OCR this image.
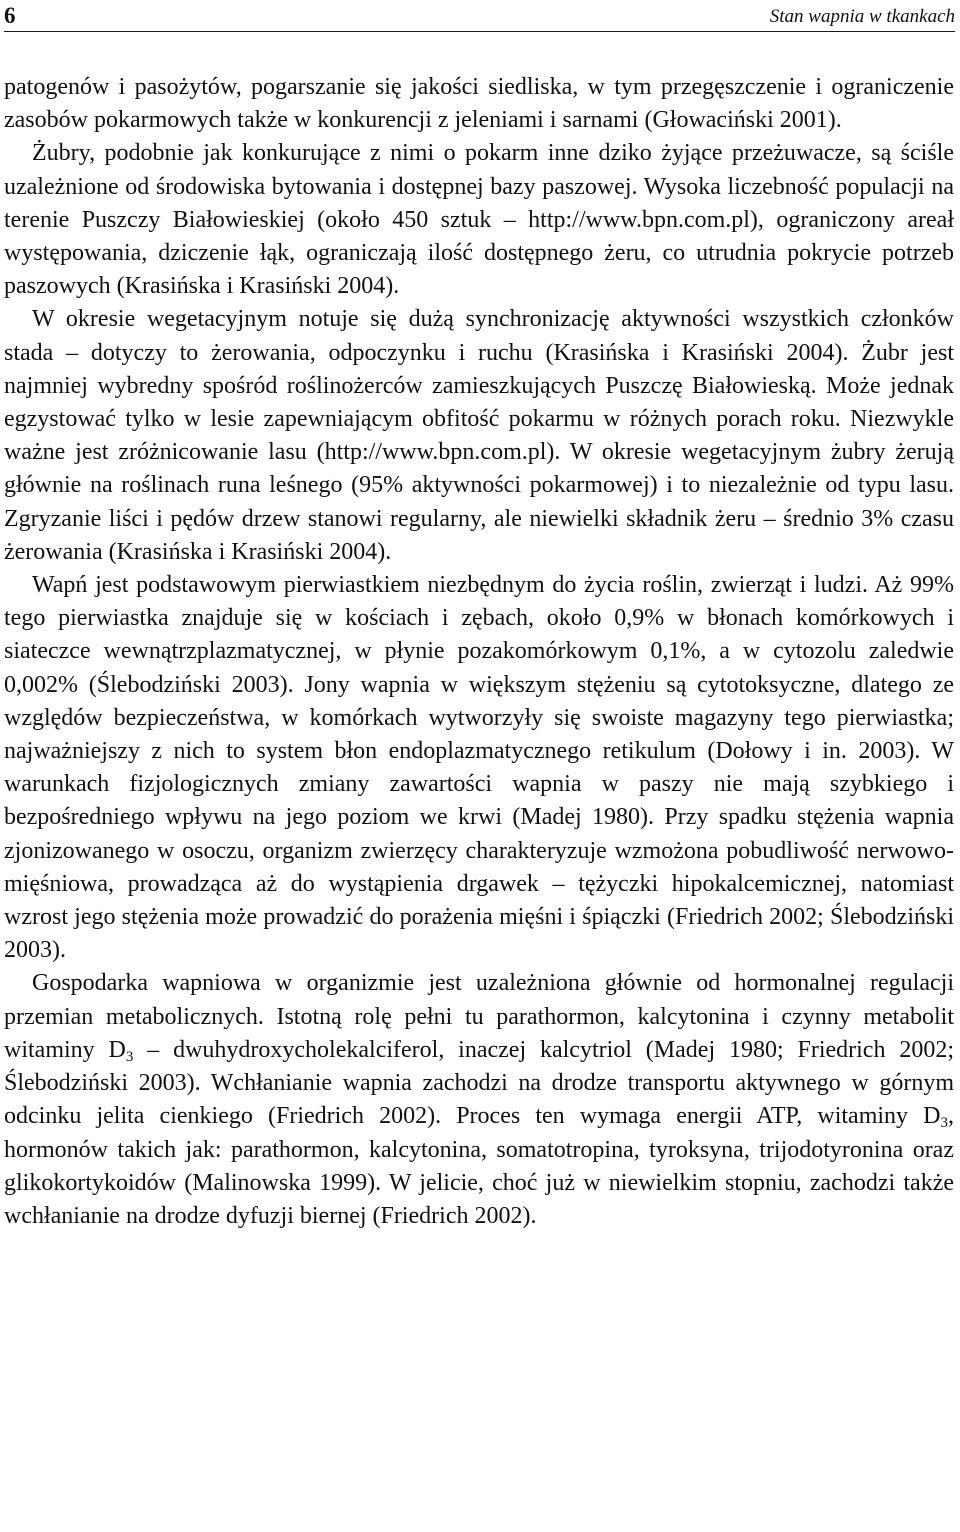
6	Stan wapnia w tkankach

patogenów i pasożytów, pogarszanie się jakości siedliska, w tym przegęszczenie i ograniczenie zasobów pokarmowych także w konkurencji z jeleniami i sarnami (Głowaciński 2001).

Żubry, podobnie jak konkurujące z nimi o pokarm inne dziko żyjące przeżuwacze, są ściśle uzależnione od środowiska bytowania i dostępnej bazy paszowej. Wysoka liczebność populacji na terenie Puszczy Białowieskiej (około 450 sztuk – http://www.bpn.com.pl), ograniczony areał występowania, dziczenie łąk, ograniczają ilość dostępnego żeru, co utrudnia pokrycie potrzeb paszowych (Krasińska i Krasiński 2004).

W okresie wegetacyjnym notuje się dużą synchronizację aktywności wszystkich członków stada – dotyczy to żerowania, odpoczynku i ruchu (Krasińska i Krasiński 2004). Żubr jest najmniej wybredny spośród roślinożerców zamieszkujących Puszczę Białowieską. Może jednak egzystować tylko w lesie zapewniającym obfitość pokarmu w różnych porach roku. Niezwykle ważne jest zróżnicowanie lasu (http://www.bpn.com.pl). W okresie wegetacyjnym żubry żerują głównie na roślinach runa leśnego (95% aktywności pokarmowej) i to niezależnie od typu lasu. Zgryzanie liści i pędów drzew stanowi regularny, ale niewielki składnik żeru – średnio 3% czasu żerowania (Krasińska i Krasiński 2004).

Wapń jest podstawowym pierwiastkiem niezbędnym do życia roślin, zwierząt i ludzi. Aż 99% tego pierwiastka znajduje się w kościach i zębach, około 0,9% w błonach komórkowych i siateczce wewnątrzplazmatycznej, w płynie pozakomórkowym 0,1%, a w cytozolu zaledwie 0,002% (Ślebodziński 2003). Jony wapnia w większym stężeniu są cytotoksyczne, dlatego ze względów bezpieczeństwa, w komórkach wytworzyły się swoiste magazyny tego pierwiastka; najważniejszy z nich to system błon endoplazmatycznego retikulum (Dołowy i in. 2003). W warunkach fizjologicznych zmiany zawartości wapnia w paszy nie mają szybkiego i bezpośredniego wpływu na jego poziom we krwi (Madej 1980). Przy spadku stężenia wapnia zjonizowanego w osoczu, organizm zwierzęcy charakteryzuje wzmożona pobudliwość nerwowo-mięśniowa, prowadząca aż do wystąpienia drgawek – tężyczki hipokalcemicznej, natomiast wzrost jego stężenia może prowadzić do porażenia mięśni i śpiączki (Friedrich 2002; Ślebodziński 2003).

Gospodarka wapniowa w organizmie jest uzależniona głównie od hormonalnej regulacji przemian metabolicznych. Istotną rolę pełni tu parathormon, kalcytonina i czynny metabolit witaminy $D_3$ – dwuhydroxycholekalciferol, inaczej kalcytriol (Madej 1980; Friedrich 2002; Ślebodziński 2003). Wchłanianie wapnia zachodzi na drodze transportu aktywnego w górnym odcinku jelita cienkiego (Friedrich 2002). Proces ten wymaga energii ATP, witaminy $D_3$, hormonów takich jak: parathormon, kalcytonina, somatotropina, tyroksyna, trijodotyronina oraz glikokortykoidów (Malinowska 1999). W jelicie, choć już w niewielkim stopniu, zachodzi także wchłanianie na drodze dyfuzji biernej (Friedrich 2002).
